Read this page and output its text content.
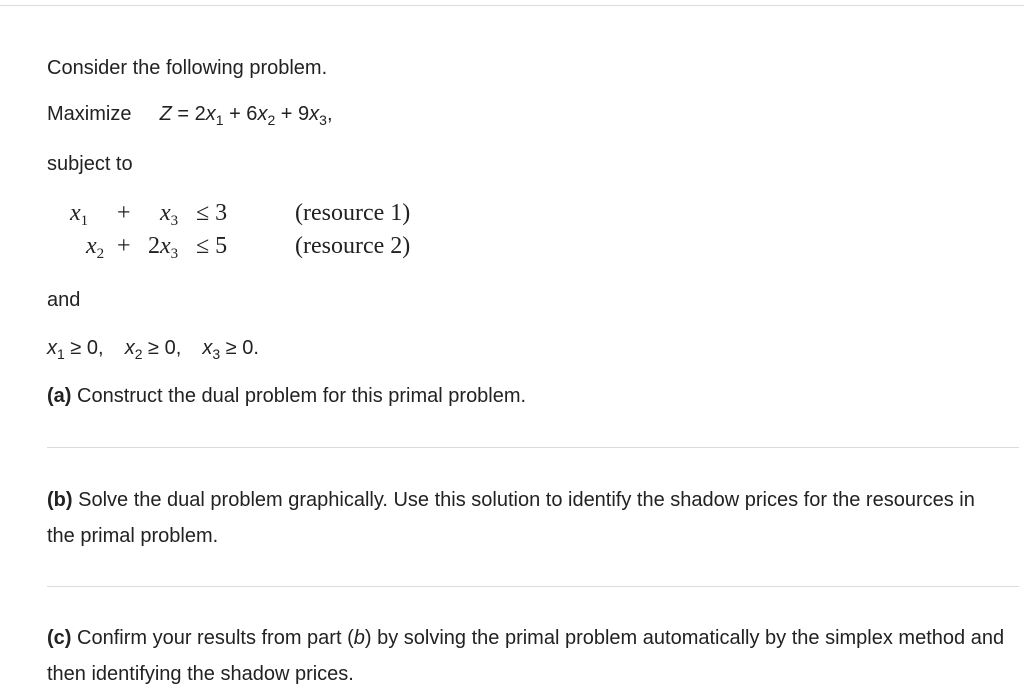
Consider the following problem.
Maximize $Z = 2x_1 + 6x_2 + 9x_3$,
subject to
$x_1 + x_3 \le 3$	(resource 1)
$x_2 + 2x_3 \le 5$	(resource 2)
and
$x_1 \ge 0$, $x_2 \ge 0$, $x_3 \ge 0$.
(a) Construct the dual problem for this primal problem.
(b) Solve the dual problem graphically. Use this solution to identify the shadow prices for the resources in the primal problem.
(c) Confirm your results from part (b) by solving the primal problem automatically by the simplex method and then identifying the shadow prices.
